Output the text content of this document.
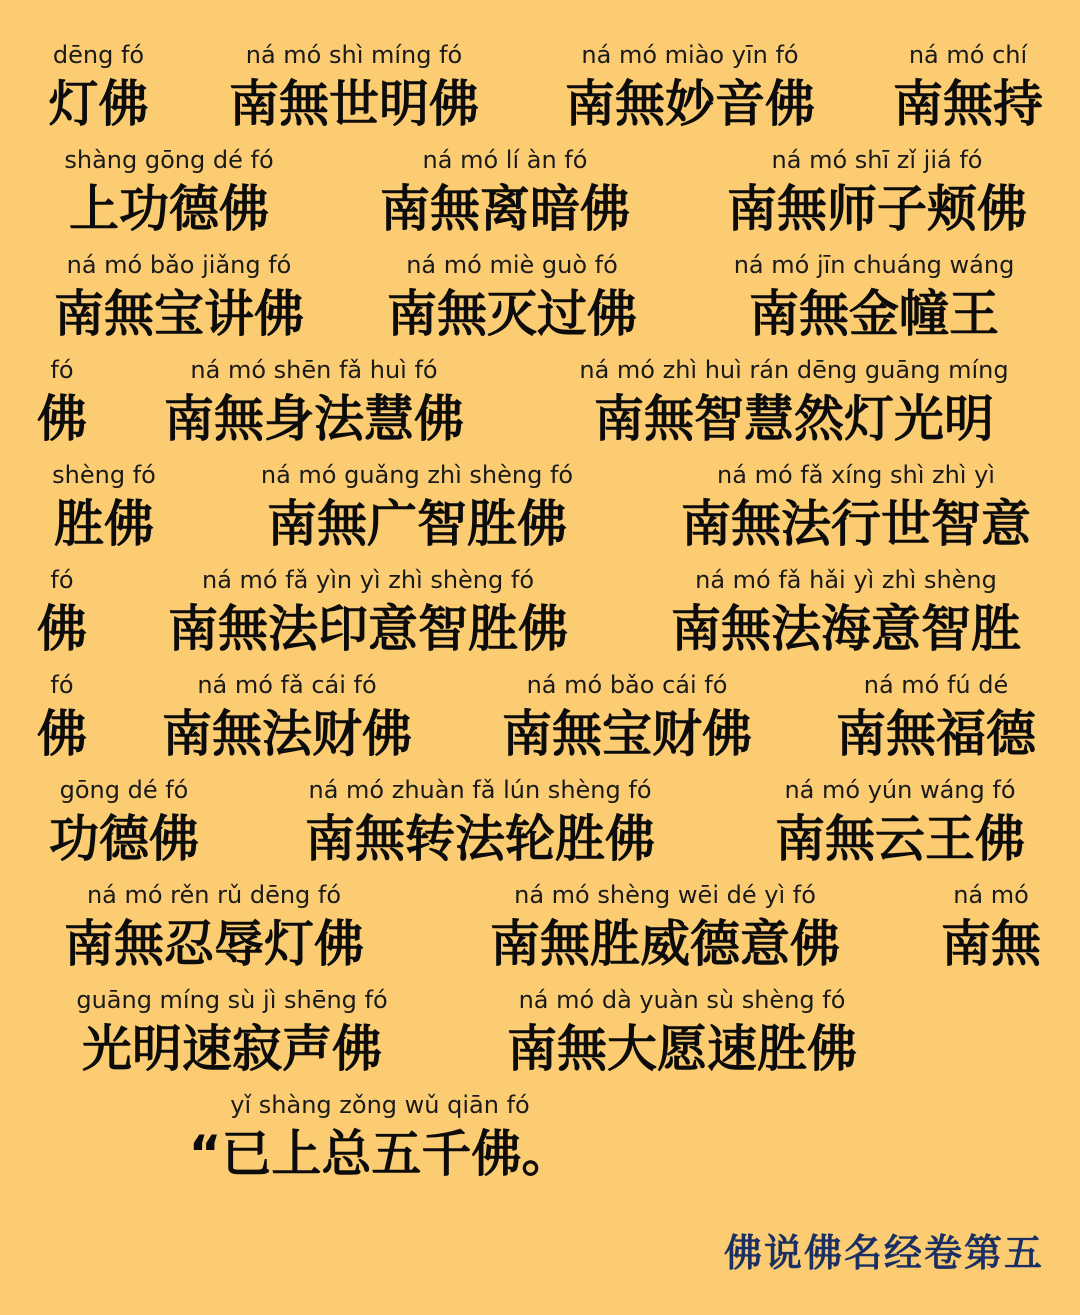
dēng fó
灯佛
ná mó shì míng fó
南無世明佛
ná mó miào yīn fó
南無妙音佛
ná mó chí
南無持
shàng gōng dé fó
上功德佛
ná mó lí àn fó
南無离暗佛
ná mó shī zǐ jiá fó
南無师子颊佛
ná mó bǎo jiǎng fó
南無宝讲佛
ná mó miè guò fó
南無灭过佛
ná mó jīn chuáng wáng
南無金幢王
fó
佛
ná mó shēn fǎ huì fó
南無身法慧佛
ná mó zhì huì rán dēng guāng míng
南無智慧然灯光明
shèng fó
胜佛
ná mó guǎng zhì shèng fó
南無广智胜佛
ná mó fǎ xíng shì zhì yì
南無法行世智意
fó
佛
ná mó fǎ yìn yì zhì shèng fó
南無法印意智胜佛
ná mó fǎ hǎi yì zhì shèng
南無法海意智胜
fó
佛
ná mó fǎ cái fó
南無法财佛
ná mó bǎo cái fó
南無宝财佛
ná mó fú dé
南無福德
gōng dé fó
功德佛
ná mó zhuàn fǎ lún shèng fó
南無转法轮胜佛
ná mó yún wáng fó
南無云王佛
ná mó rěn rǔ dēng fó
南無忍辱灯佛
ná mó shèng wēi dé yì fó
南無胜威德意佛
ná mó
南無
guāng míng sù jì shēng fó
光明速寂声佛
ná mó dà yuàn sù shèng fó
南無大愿速胜佛
yǐ shàng zǒng wǔ qiān fó
“已上总五千佛。
佛说佛名经卷第五
